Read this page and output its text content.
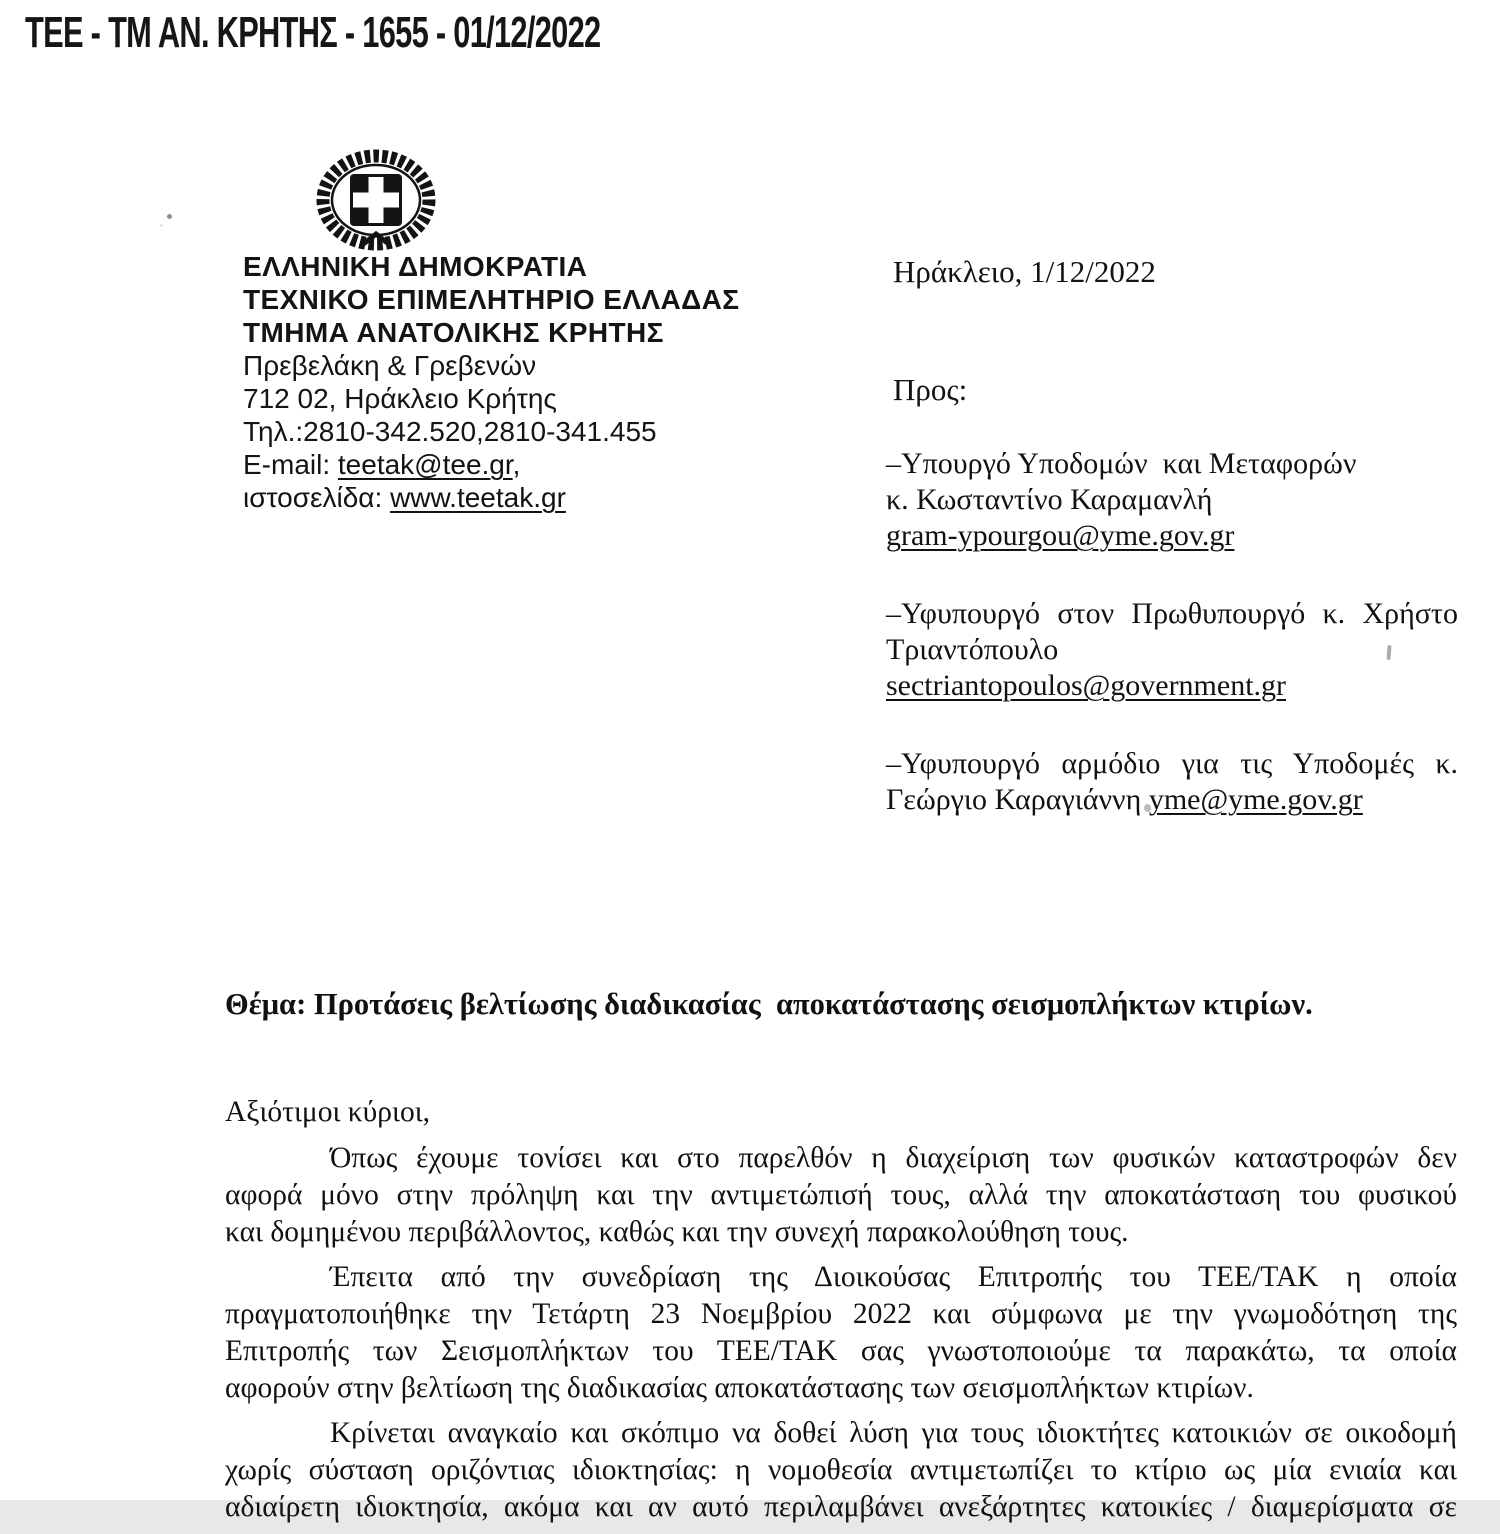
ΤΕΕ - ΤΜ ΑΝ. ΚΡΗΤΗΣ - 1655 - 01/12/2022
ΕΛΛΗΝΙΚΗ ΔΗΜΟΚΡΑΤΙΑ
ΤΕΧΝΙΚΟ ΕΠΙΜΕΛΗΤΗΡΙΟ ΕΛΛΑΔΑΣ
ΤΜΗΜΑ ΑΝΑΤΟΛΙΚΗΣ ΚΡΗΤΗΣ
Πρεβελάκη & Γρεβενών
712 02, Ηράκλειο Κρήτης
Τηλ.:2810-342.520,2810-341.455
E-mail: teetak@tee.gr,
ιστοσελίδα: www.teetak.gr
Ηράκλειο, 1/12/2022
Προς:
–Υπουργό Υποδομών  και Μεταφορών
κ. Κωσταντίνο Καραμανλή
gram-ypourgou@yme.gov.gr
–Υφυπουργό στον Πρωθυπουργό κ. Χρήστο
Τριαντόπουλο
sectriantopoulos@government.gr
–Υφυπουργό αρμόδιο για τις Υποδομές κ.
Γεώργιο Καραγιάννη yme@yme.gov.gr
Θέμα: Προτάσεις βελτίωσης διαδικασίας  αποκατάστασης σεισμοπλήκτων κτιρίων.
Αξιότιμοι κύριοι,

Όπως έχουμε τονίσει και στο παρελθόν η διαχείριση των φυσικών καταστροφών δεν
αφορά μόνο στην πρόληψη και την αντιμετώπισή τους, αλλά την αποκατάσταση του φυσικού
και δομημένου περιβάλλοντος, καθώς και την συνεχή παρακολούθηση τους.

Έπειτα από την συνεδρίαση της Διοικούσας Επιτροπής του ΤΕΕ/ΤΑΚ η οποία
πραγματοποιήθηκε την Τετάρτη 23 Νοεμβρίου 2022 και σύμφωνα με την γνωμοδότηση της
Επιτροπής των Σεισμοπλήκτων του ΤΕΕ/ΤΑΚ σας γνωστοποιούμε τα παρακάτω, τα οποία
αφορούν στην βελτίωση της διαδικασίας αποκατάστασης των σεισμοπλήκτων κτιρίων.

Κρίνεται αναγκαίο και σκόπιμο να δοθεί λύση για τους ιδιοκτήτες κατοικιών σε οικοδομή
χωρίς σύσταση οριζόντιας ιδιοκτησίας: η νομοθεσία αντιμετωπίζει το κτίριο ως μία ενιαία και
αδιαίρετη ιδιοκτησία, ακόμα και αν αυτό περιλαμβάνει ανεξάρτητες κατοικίες / διαμερίσματα σε
